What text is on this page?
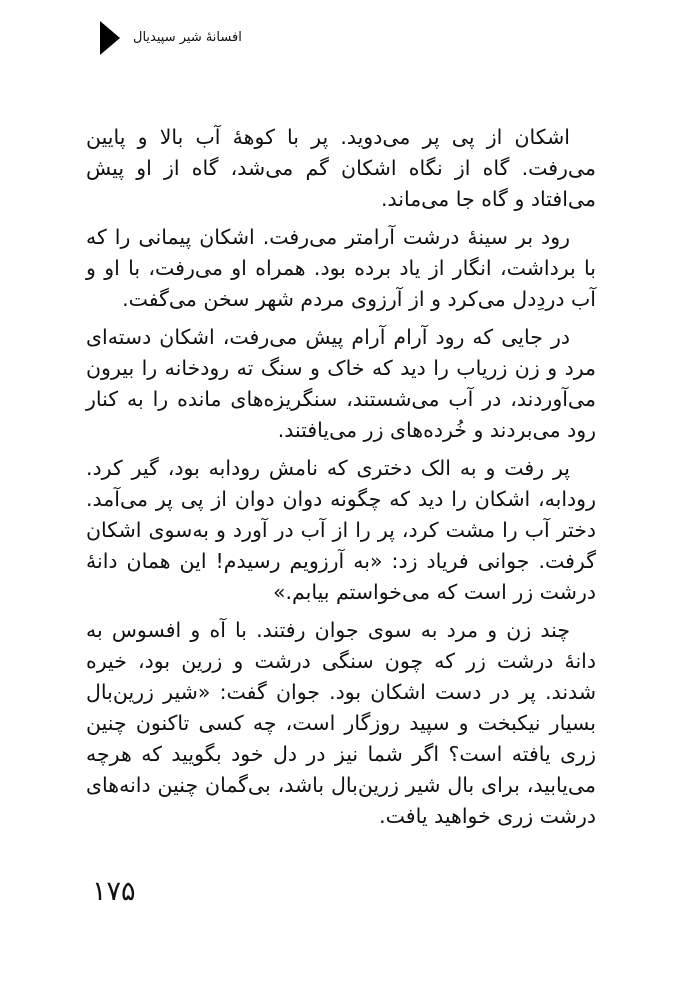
افسانهٔ شیر سپیدیال

اشکان از پی پر می‌دوید. پر با کوههٔ آب بالا و پایین می‌رفت. گاه از نگاه اشکان گم می‌شد، گاه از او پیش می‌افتاد و گاه جا می‌ماند.

رود بر سینهٔ درشت آرامتر می‌رفت. اشکان پیمانی را که با برداشت، انگار از یاد برده بود. همراه او می‌رفت، با او و آب دردِدل می‌کرد و از آرزوی مردم شهر سخن می‌گفت.

در جایی که رود آرام آرام پیش می‌رفت، اشکان دسته‌ای مرد و زن زریاب را دید که خاک و سنگ ته رودخانه را بیرون می‌آوردند، در آب می‌شستند، سنگریزه‌های مانده را به کنار رود می‌بردند و خُرده‌های زر می‌یافتند.

پر رفت و به الک دختری که نامش رودابه بود، گیر کرد. رودابه، اشکان را دید که چگونه دوان دوان از پی پر می‌آمد. دختر آب را مشت کرد، پر را از آب در آورد و به‌سوی اشکان گرفت. جوانی فریاد زد: «به آرزویم رسیدم! این همان دانهٔ درشت زر است که می‌خواستم بیابم.»

چند زن و مرد به سوی جوان رفتند. با آه و افسوس به دانهٔ درشت زر که چون سنگی درشت و زرین بود، خیره شدند. پر در دست اشکان بود. جوان گفت: «شیر زرین‌بال بسیار نیکبخت و سپید روزگار است، چه کسی تاکنون چنین زری یافته است؟ اگر شما نیز در دل خود بگویید که هرچه می‌یابید، برای بال شیر زرین‌بال باشد، بی‌گمان چنین دانه‌های درشت زری خواهید یافت.

۱۷۵
